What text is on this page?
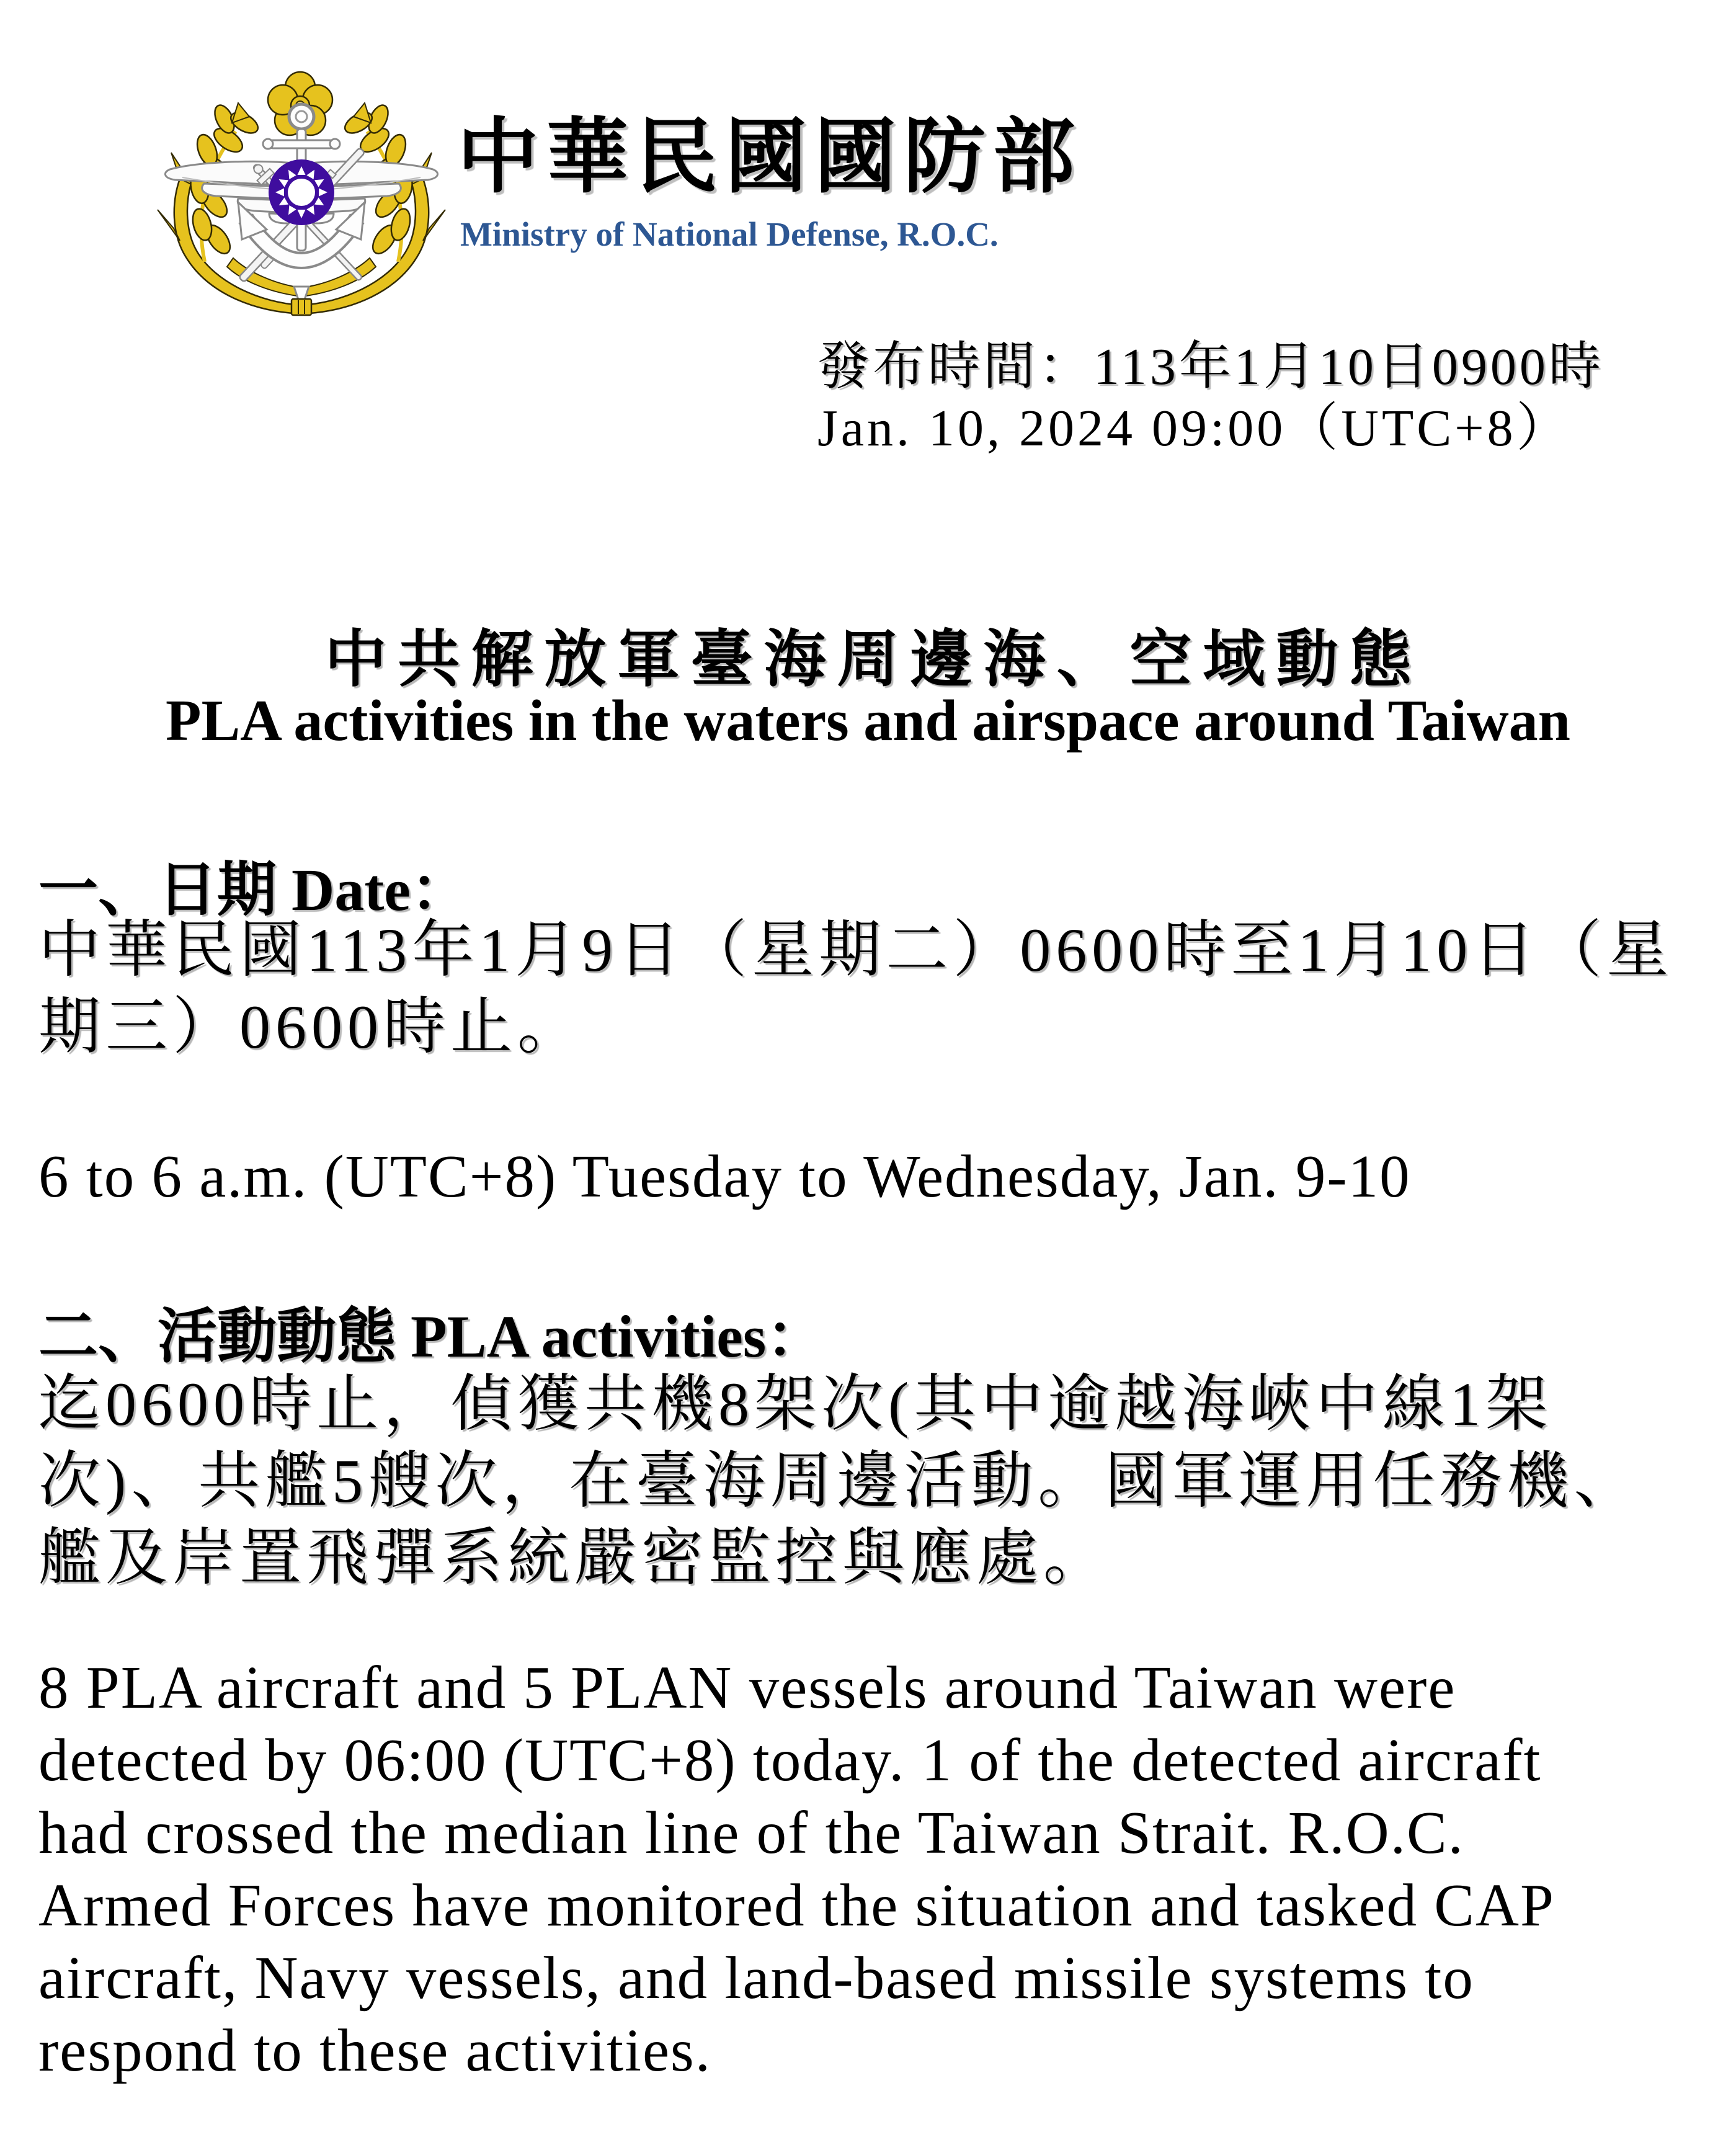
中華民國國防部
Ministry of National Defense, R.O.C.
發布時間：113年1月10日0900時
Jan. 10, 2024 09:00（UTC+8）
中共解放軍臺海周邊海、空域動態
PLA activities in the waters and airspace around Taiwan
一、日期 Date：
中華民國113年1月9日（星期二）0600時至1月10日（星
期三）0600時止。
6 to 6 a.m. (UTC+8) Tuesday to Wednesday, Jan. 9-10
二、活動動態 PLA activities：
迄0600時止，偵獲共機8架次(其中逾越海峽中線1架
次)、共艦5艘次，在臺海周邊活動。國軍運用任務機、
艦及岸置飛彈系統嚴密監控與應處。
8 PLA aircraft and 5 PLAN vessels around Taiwan were
detected by 06:00 (UTC+8) today. 1 of the detected aircraft
had crossed the median line of the Taiwan Strait. R.O.C.
Armed Forces have monitored the situation and tasked CAP
aircraft, Navy vessels, and land-based missile systems to
respond to these activities.
